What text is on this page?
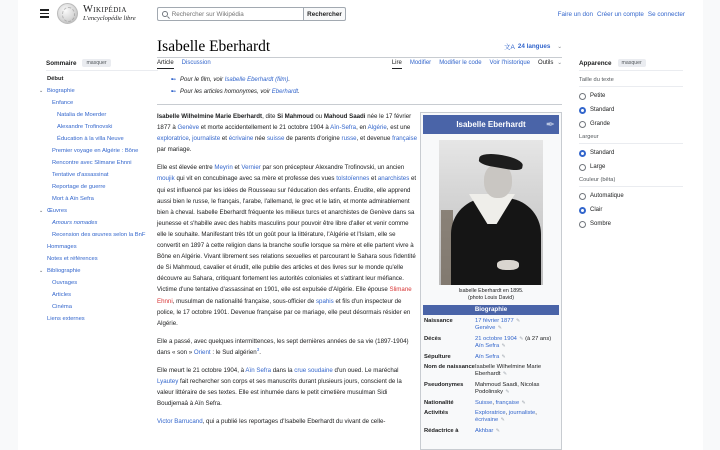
Wikipédia
L'encyclopédie libre
Rechercher sur Wikipédia
Rechercher	Faire un don Créer un compte Se connecter
Sommaire	masquer
Début
⌄ Biographie
Enfance
Natalia de Moerder
Alexandre Trofinovski
Éducation à la villa Neuve
Premier voyage en Algérie : Bône
Rencontre avec Slimane Ehnni
Tentative d'assassinat
Reportage de guerre
Mort à Aïn Sefra
⌄ Œuvres
Amours nomades
Recension des œuvres selon la BnF
Hommages
Notes et références
⌄ Bibliographie
Ouvrages
Articles
Cinéma
Liens externes
Isabelle Eberhardt	文A 24 langues ⌄
Article Discussion	Lire Modifier Modifier le code Voir l'historique Outils ⌄
➸ Pour le film, voir
Isabelle Eberhardt (film) .
➸ Pour les articles homonymes, voir
Eberhardt .

Isabelle Wilhelmine Marie Eberhardt, dite Si Mahmoud ou Mahoud Saadi née le 17 février 1877 à Genève et morte accidentellement le 21 octobre 1904 à Aïn-Sefra, en Algérie, est une exploratrice, journaliste et écrivaine née suisse de parents d'origine russe, et devenue française par mariage.

Elle est élevée entre Meyrin et Vernier par son précepteur Alexandre Trofinovski, un ancien moujik qui vit en concubinage avec sa mère et professe des vues tolstoïennes et anarchistes et qui est influencé par les idées de Rousseau sur l'éducation des enfants. Érudite, elle apprend aussi bien le russe, le français, l'arabe, l'allemand, le grec et le latin, et monte admirablement bien à cheval. Isabelle Eberhardt fréquente les milieux turcs et anarchistes de Genève dans sa jeunesse et s'habille avec des habits masculins pour pouvoir être libre d'aller et venir comme elle le souhaite. Manifestant très tôt un goût pour la littérature, l'Algérie et l'Islam, elle se convertit en 1897 à cette religion dans la branche soufie lorsque sa mère et elle partent vivre à Bône en Algérie. Vivant librement ses relations sexuelles et parcourant le Sahara sous l'identité de Si Mahmoud, cavalier et érudit, elle publie des articles et des livres sur le monde qu'elle découvre au Sahara, critiquant fortement les autorités coloniales et s'attirant leur méfiance. Victime d'une tentative d'assassinat en 1901, elle est expulsée d'Algérie. Elle épouse Slimane Ehnni, musulman de nationalité française, sous-officier de spahis et fils d'un inspecteur de police, le 17 octobre 1901. Devenue française par ce mariage, elle peut désormais résider en Algérie.

Elle a passé, avec quelques intermittences, les sept dernières années de sa vie (1897-1904) dans « son » Orient : le Sud algérien$^3$.

Elle meurt le 21 octobre 1904, à Aïn Sefra dans la crue soudaine d'un oued. Le maréchal Lyautey fait rechercher son corps et ses manuscrits durant plusieurs jours, conscient de la valeur littéraire de ses textes. Elle est inhumée dans le petit cimetière musulman Sidi Boudjemaâ à Aïn Sefra.

Victor Barrucand, qui a publié les reportages d'Isabelle Eberhardt du vivant de celle-

Isabelle Eberhardt ✒
Isabelle Eberhardt en 1895.
(photo Louis David)
Biographie
Naissance	17 février 1877 ✎
Genève ✎
Décès	21 octobre 1904 ✎ (à 27 ans)
Aïn Sefra ✎
Sépulture	Aïn Sefra ✎
Nom de naissance Isabelle Wilhelmine Marie Eberhardt ✎
Pseudonymes	Mahmoud Saadi, Nicolas Podolinsky ✎
Nationalité	Suisse, française ✎
Activités	Exploratrice, journaliste, écrivaine ✎
Rédactrice à	Akhbar ✎
Apparence	masquer
Taille du texte
Petite
Standard
Grande
Largeur
Standard
Large
Couleur (bêta)
Automatique
Clair
Sombre
